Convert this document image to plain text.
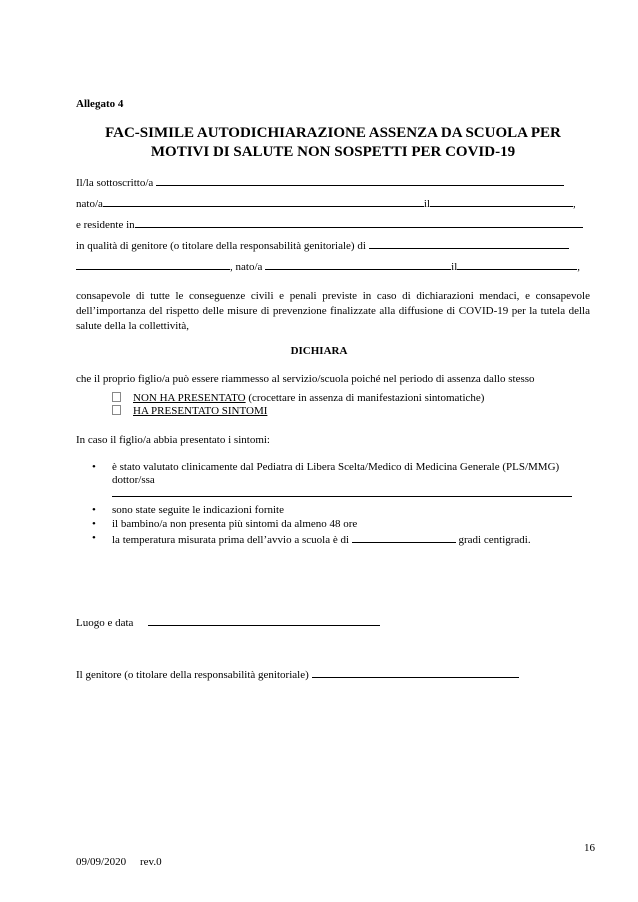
Allegato 4
FAC-SIMILE AUTODICHIARAZIONE ASSENZA DA SCUOLA PER
MOTIVI DI SALUTE NON SOSPETTI PER COVID-19
Il/la sottoscritto/a
nato/a	il	,
e residente in
in qualità di genitore (o titolare della responsabilità genitoriale) di
, nato/a	il	,
consapevole di tutte le conseguenze civili e penali previste in caso di dichiarazioni mendaci, e consapevole dell’importanza del rispetto delle misure di prevenzione finalizzate alla diffusione di COVID-19 per la tutela della salute della la collettività,
DICHIARA
che il proprio figlio/a può essere riammesso al servizio/scuola poiché nel periodo di assenza dallo stesso
NON HA PRESENTATO (crocettare in assenza di manifestazioni sintomatiche)
HA PRESENTATO SINTOMI
In caso il figlio/a abbia presentato i sintomi:
• è stato valutato clinicamente dal Pediatra di Libera Scelta/Medico di Medicina Generale (PLS/MMG)
dottor/ssa
• sono state seguite le indicazioni fornite
• il bambino/a non presenta più sintomi da almeno 48 ore
• la temperatura misurata prima dell’avvio a scuola è di	gradi centigradi.
Luogo e data
Il genitore (o titolare della responsabilità genitoriale)
16
09/09/2020 rev.0
